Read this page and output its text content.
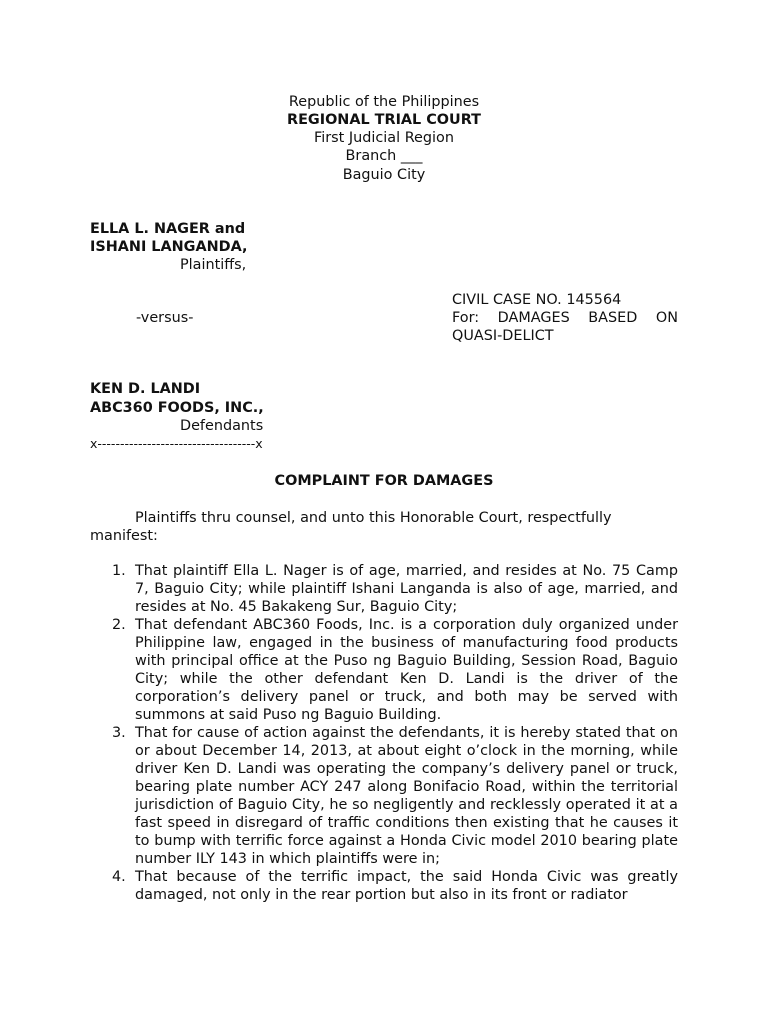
Republic of the Philippines
REGIONAL TRIAL COURT
First Judicial Region
Branch ___
Baguio City
ELLA L. NAGER and
ISHANI LANGANDA,
Plaintiffs,
-versus-
CIVIL CASE NO. 145564
For: DAMAGES BASED ON
QUASI-DELICT
KEN D. LANDI
ABC360 FOODS, INC.,
Defendants
x-----------------------------------x
COMPLAINT FOR DAMAGES
Plaintiffs thru counsel, and unto this Honorable Court, respectfully
manifest:
1. That plaintiff Ella L. Nager is of age, married, and resides at No. 75 Camp 7, Baguio City; while plaintiff Ishani Langanda is also of age, married, and resides at No. 45 Bakakeng Sur, Baguio City;
2. That defendant ABC360 Foods, Inc. is a corporation duly organized under Philippine law, engaged in the business of manufacturing food products with principal office at the Puso ng Baguio Building, Session Road, Baguio City; while the other defendant Ken D. Landi is the driver of the corporation’s delivery panel or truck, and both may be served with summons at said Puso ng Baguio Building.
3. That for cause of action against the defendants, it is hereby stated that on or about December 14, 2013, at about eight o’clock in the morning, while driver Ken D. Landi was operating the company’s delivery panel or truck, bearing plate number ACY 247 along Bonifacio Road, within the territorial jurisdiction of Baguio City, he so negligently and recklessly operated it at a fast speed in disregard of traffic conditions then existing that he causes it to bump with terrific force against a Honda Civic model 2010 bearing plate number ILY 143 in which plaintiffs were in;
4. That because of the terrific impact, the said Honda Civic was greatly damaged, not only in the rear portion but also in its front or radiator
